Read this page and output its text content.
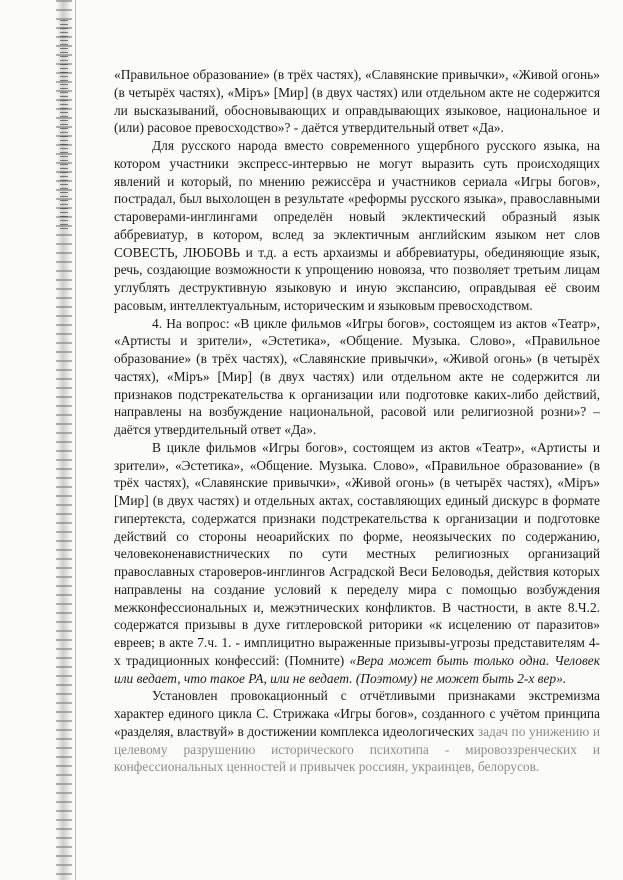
«Правильное образование» (в трёх частях), «Славянские привычки», «Живой огонь» (в четырёх частях), «Міръ» [Мир] (в двух частях) или отдельном акте не содержится ли высказываний, обосновывающих и оправдывающих языковое, национальное и (или) расовое превосходство»? - даётся утвердительный ответ «Да».

Для русского народа вместо современного ущербного русского языка, на котором участники экспресс-интервью не могут выразить суть происходящих явлений и который, по мнению режиссёра и участников сериала «Игры богов», пострадал, был выхолощен в результате «реформы русского языка», православными староверами-инглингами определён новый эклектический образный язык аббревиатур, в котором, вслед за эклектичным английским языком нет слов СОВЕСТЬ, ЛЮБОВЬ и т.д. а есть архаизмы и аббревиатуры, обединяющие язык, речь, создающие возможности к упрощению новояза, что позволяет третьим лицам углублять деструктивную языковую и иную экспансию, оправдывая её своим расовым, интеллектуальным, историческим и языковым превосходством.

4. На вопрос: «В цикле фильмов «Игры богов», состоящем из актов «Театр», «Артисты и зрители», «Эстетика», «Общение. Музыка. Слово», «Правильное образование» (в трёх частях), «Славянские привычки», «Живой огонь» (в четырёх частях), «Міръ» [Мир] (в двух частях) или отдельном акте не содержится ли признаков подстрекательства к организации или подготовке каких-либо действий, направлены на возбуждение национальной, расовой или религиозной розни»? – даётся утвердительный ответ «Да».

В цикле фильмов «Игры богов», состоящем из актов «Театр», «Артисты и зрители», «Эстетика», «Общение. Музыка. Слово», «Правильное образование» (в трёх частях), «Славянские привычки», «Живой огонь» (в четырёх частях), «Міръ» [Мир] (в двух частях) и отдельных актах, составляющих единый дискурс в формате гипертекста, содержатся признаки подстрекательства к организации и подготовке действий со стороны неоарийских по форме, неоязыческих по содержанию, человеконенавистнических по сути местных религиозных организаций православных староверов-инглингов Асградской Веси Беловодья, действия которых направлены на создание условий к переделу мира с помощью возбуждения межконфессиональных и, межэтнических конфликтов. В частности, в акте 8.Ч.2. содержатся призывы в духе гитлеровской риторики «к исцелению от паразитов» евреев; в акте 7.ч. 1. - имплицитно выраженные призывы-угрозы представителям 4-х традиционных конфессий: (Помните) «Вера может быть только одна. Человек или ведает, что такое РА, или не ведает. (Поэтому) не может быть 2-х вер».

Установлен провокационный с отчётливыми признаками экстремизма характер единого цикла С. Стрижака «Игры богов», созданного с учётом принципа «разделяя, властвуй» в достижении комплекса идеологических задач по унижению и целевому разрушению исторического психотипа - мировоззренческих и конфессиональных ценностей и привычек россиян, украинцев, белорусов.
